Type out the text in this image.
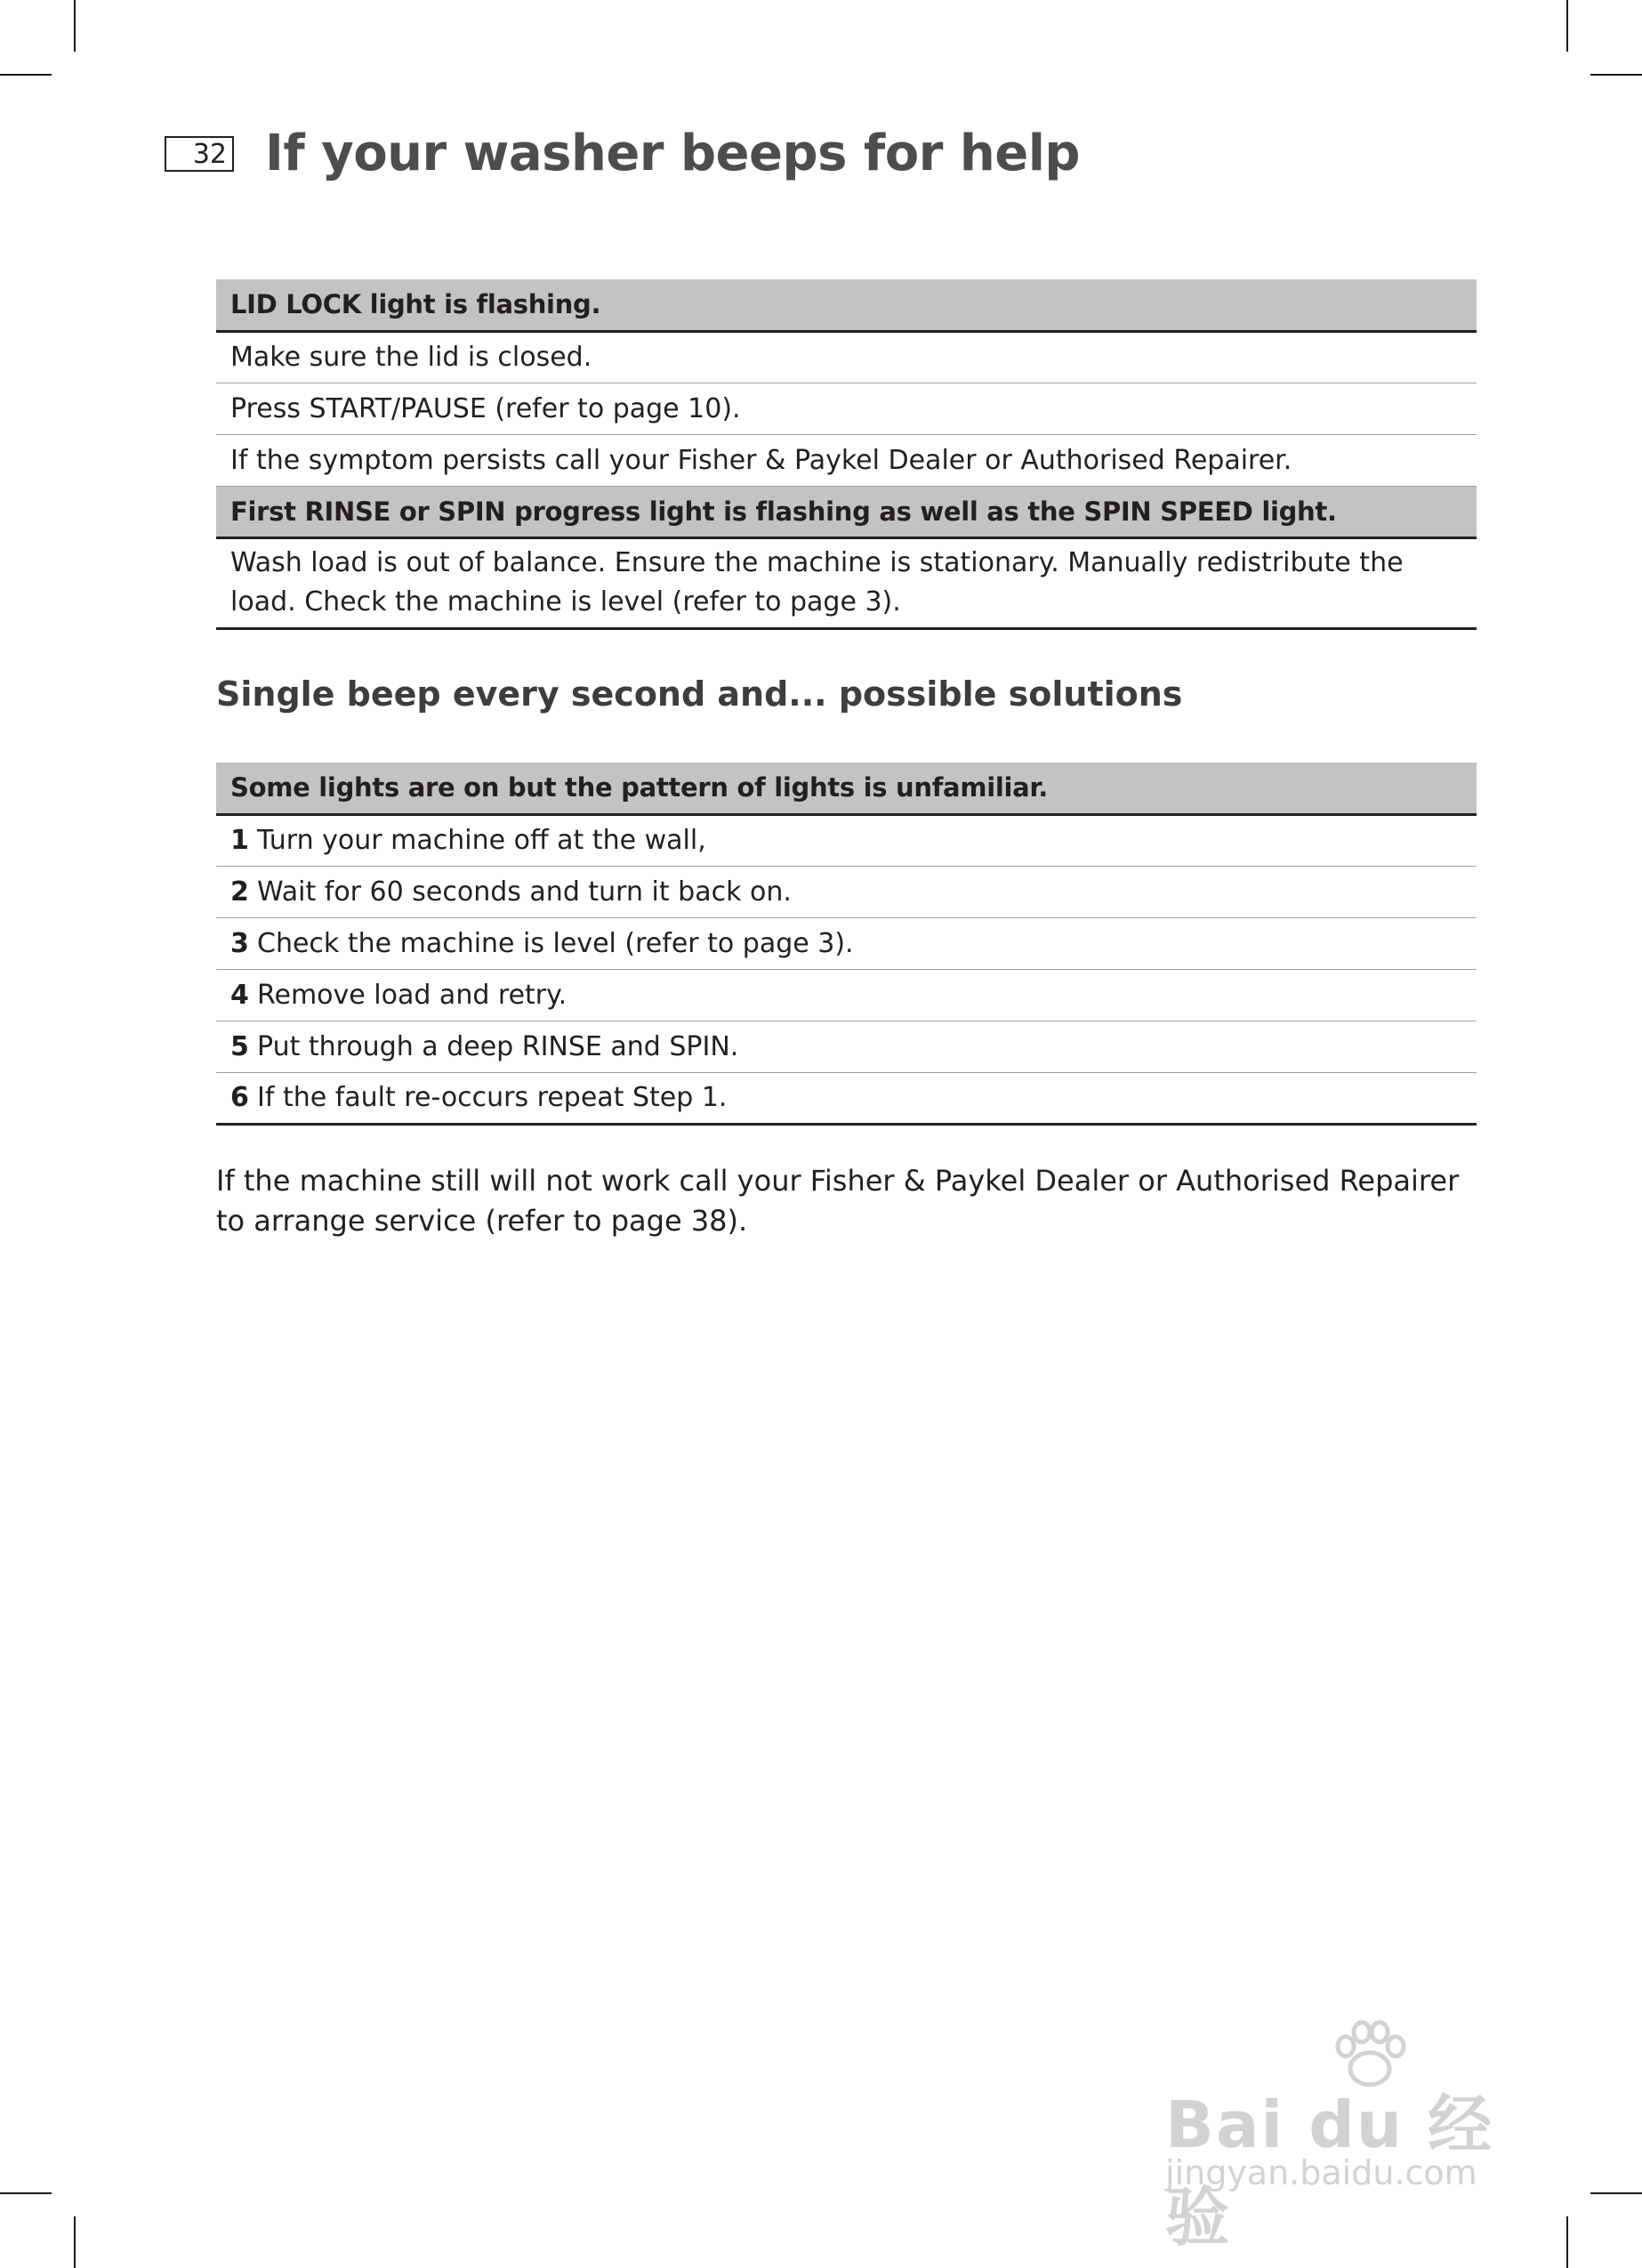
32 If your washer beeps for help
LID LOCK light is flashing.
Make sure the lid is closed.
Press START/PAUSE (refer to page 10).
If the symptom persists call your Fisher & Paykel Dealer or Authorised Repairer.
First RINSE or SPIN progress light is flashing as well as the SPIN SPEED light.
Wash load is out of balance. Ensure the machine is stationary. Manually redistribute the load. Check the machine is level (refer to page 3).
Single beep every second and... possible solutions
Some lights are on but the pattern of lights is unfamiliar.
1 Turn your machine off at the wall,
2 Wait for 60 seconds and turn it back on.
3 Check the machine is level (refer to page 3).
4 Remove load and retry.
5 Put through a deep RINSE and SPIN.
6 If the fault re-occurs repeat Step 1.

If the machine still will not work call your Fisher & Paykel Dealer or Authorised Repairer to arrange service (refer to page 38).

Bai du 经验
jingyan.baidu.com
